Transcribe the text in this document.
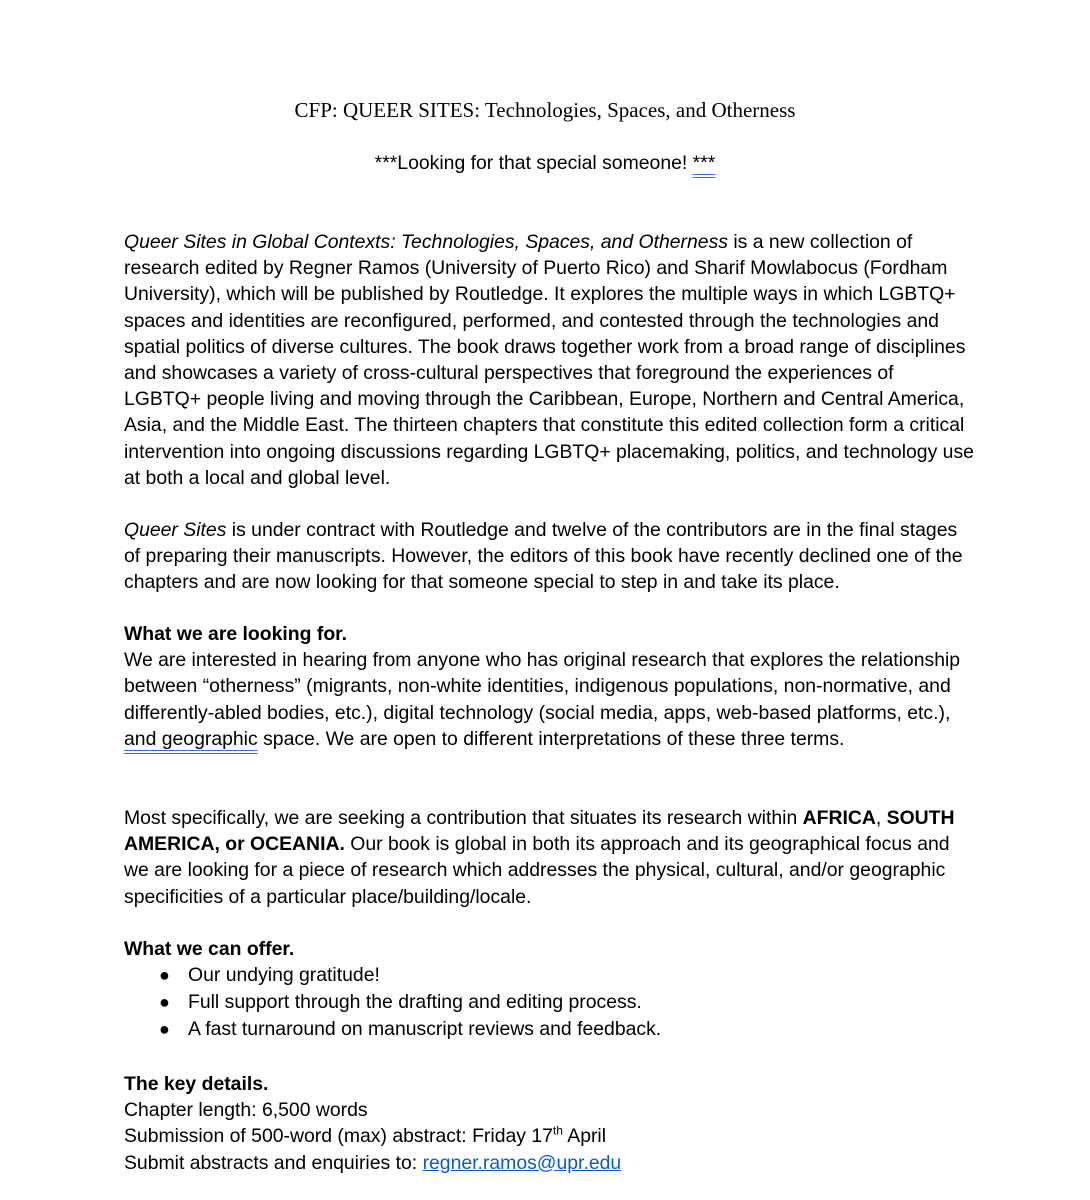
CFP: QUEER SITES: Technologies, Spaces, and Otherness
***Looking for that special someone! ***

Queer Sites in Global Contexts: Technologies, Spaces, and Otherness is a new collection of research edited by Regner Ramos (University of Puerto Rico) and Sharif Mowlabocus (Fordham University), which will be published by Routledge. It explores the multiple ways in which LGBTQ+ spaces and identities are reconfigured, performed, and contested through the technologies and spatial politics of diverse cultures. The book draws together work from a broad range of disciplines and showcases a variety of cross-cultural perspectives that foreground the experiences of LGBTQ+ people living and moving through the Caribbean, Europe, Northern and Central America, Asia, and the Middle East. The thirteen chapters that constitute this edited collection form a critical intervention into ongoing discussions regarding LGBTQ+ placemaking, politics, and technology use at both a local and global level.

Queer Sites is under contract with Routledge and twelve of the contributors are in the final stages of preparing their manuscripts. However, the editors of this book have recently declined one of the chapters and are now looking for that someone special to step in and take its place.

What we are looking for.

We are interested in hearing from anyone who has original research that explores the relationship between “otherness” (migrants, non-white identities, indigenous populations, non-normative, and differently-abled bodies, etc.), digital technology (social media, apps, web-based platforms, etc.), and geographic space. We are open to different interpretations of these three terms.

Most specifically, we are seeking a contribution that situates its research within AFRICA, SOUTH AMERICA, or OCEANIA. Our book is global in both its approach and its geographical focus and we are looking for a piece of research which addresses the physical, cultural, and/or geographic specificities of a particular place/building/locale.

What we can offer.

● Our undying gratitude!
● Full support through the drafting and editing process.
● A fast turnaround on manuscript reviews and feedback.

The key details.

Chapter length: 6,500 words

Submission of 500-word (max) abstract: Friday 17th April

Submit abstracts and enquiries to: regner.ramos@upr.edu
